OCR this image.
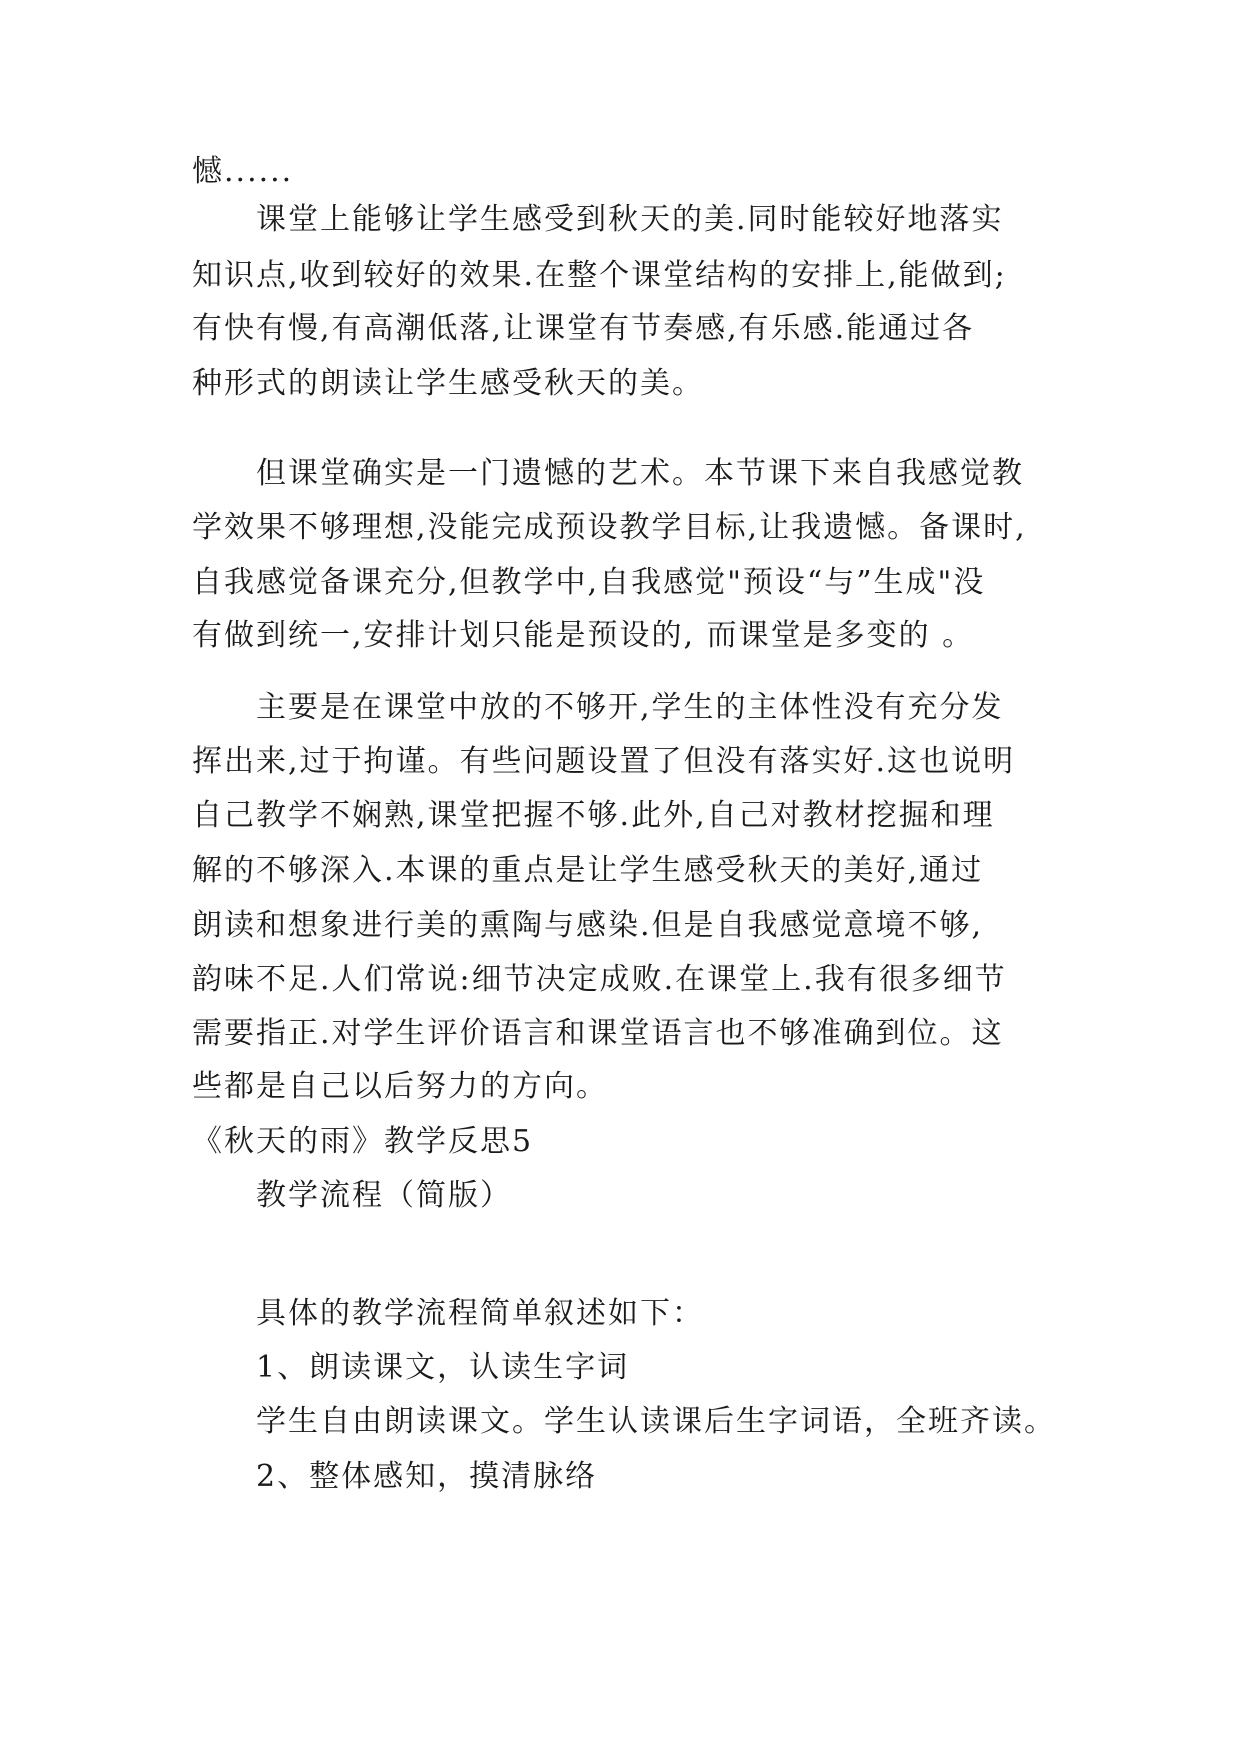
憾......
课堂上能够让学生感受到秋天的美.同时能较好地落实
知识点,收到较好的效果.在整个课堂结构的安排上,能做到;
有快有慢,有高潮低落,让课堂有节奏感,有乐感.能通过各
种形式的朗读让学生感受秋天的美。
但课堂确实是一门遗憾的艺术。本节课下来自我感觉教
学效果不够理想,没能完成预设教学目标,让我遗憾。备课时,
自我感觉备课充分,但教学中,自我感觉"预设“与”生成"没
有做到统一,安排计划只能是预设的, 而课堂是多变的 。
主要是在课堂中放的不够开,学生的主体性没有充分发
挥出来,过于拘谨。有些问题设置了但没有落实好.这也说明
自己教学不娴熟,课堂把握不够.此外,自己对教材挖掘和理
解的不够深入.本课的重点是让学生感受秋天的美好,通过
朗读和想象进行美的熏陶与感染.但是自我感觉意境不够,
韵味不足.人们常说:细节决定成败.在课堂上.我有很多细节
需要指正.对学生评价语言和课堂语言也不够准确到位。这
些都是自己以后努力的方向。
《秋天的雨》教学反思5
教学流程（简版）
具体的教学流程简单叙述如下：
1、朗读课文，认读生字词
学生自由朗读课文。学生认读课后生字词语，全班齐读。
2、整体感知，摸清脉络
